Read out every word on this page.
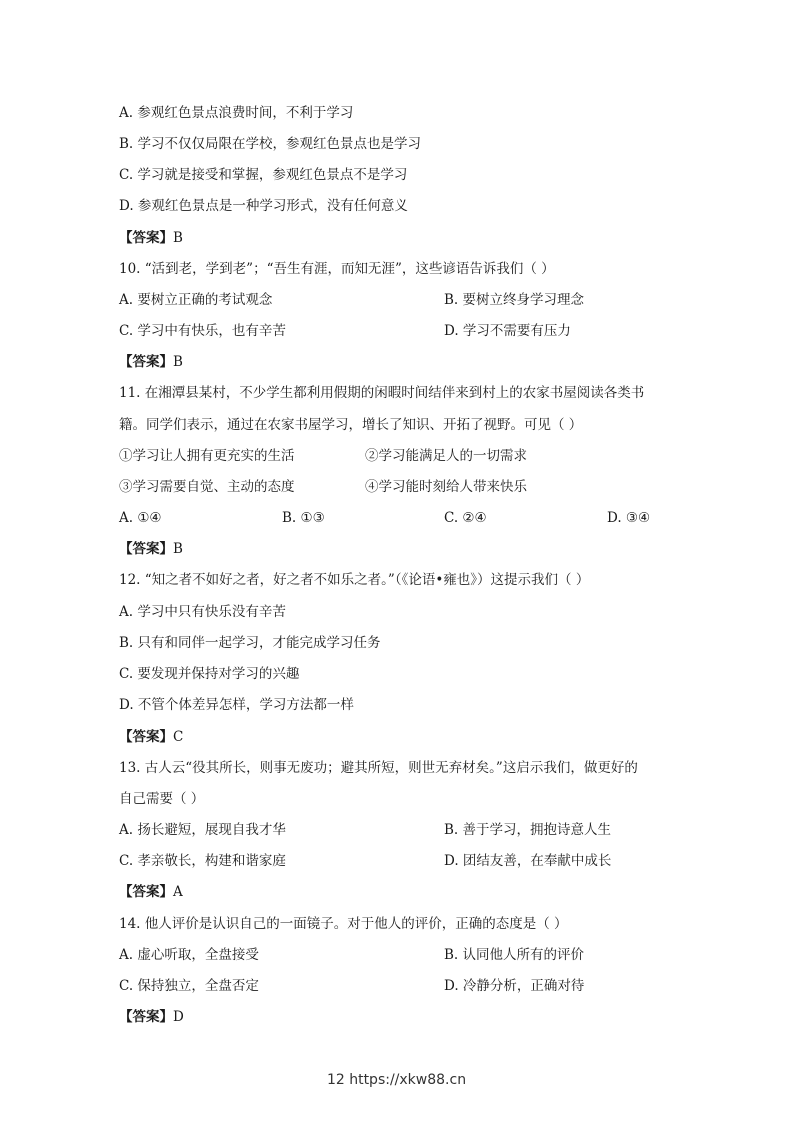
A. 参观红色景点浪费时间，不利于学习
B. 学习不仅仅局限在学校，参观红色景点也是学习
C. 学习就是接受和掌握，参观红色景点不是学习
D. 参观红色景点是一种学习形式，没有任何意义
【答案】B
10. “活到老，学到老”；“吾生有涯，而知无涯”，这些谚语告诉我们（ ）
A. 要树立正确的考试观念	B. 要树立终身学习理念
C. 学习中有快乐，也有辛苦	D. 学习不需要有压力
【答案】B
11. 在湘潭县某村，不少学生都利用假期的闲暇时间结伴来到村上的农家书屋阅读各类书
籍。同学们表示，通过在农家书屋学习，增长了知识、开拓了视野。可见（ ）
①学习让人拥有更充实的生活	②学习能满足人的一切需求
③学习需要自觉、主动的态度	④学习能时刻给人带来快乐
A. ①④	B. ①③	C. ②④	D. ③④
【答案】B
12. “知之者不如好之者，好之者不如乐之者。”（《论语•雍也》）这提示我们（ ）
A. 学习中只有快乐没有辛苦
B. 只有和同伴一起学习，才能完成学习任务
C. 要发现并保持对学习的兴趣
D. 不管个体差异怎样，学习方法都一样
【答案】C
13. 古人云“役其所长，则事无废功；避其所短，则世无弃材矣。”这启示我们，做更好的
自己需要（ ）
A. 扬长避短，展现自我才华	B. 善于学习，拥抱诗意人生
C. 孝亲敬长，构建和谐家庭	D. 团结友善，在奉献中成长
【答案】A
14. 他人评价是认识自己的一面镜子。对于他人的评价，正确的态度是（ ）
A. 虚心听取，全盘接受	B. 认同他人所有的评价
C. 保持独立，全盘否定	D. 冷静分析，正确对待
【答案】D
12 https://xkw88.cn
